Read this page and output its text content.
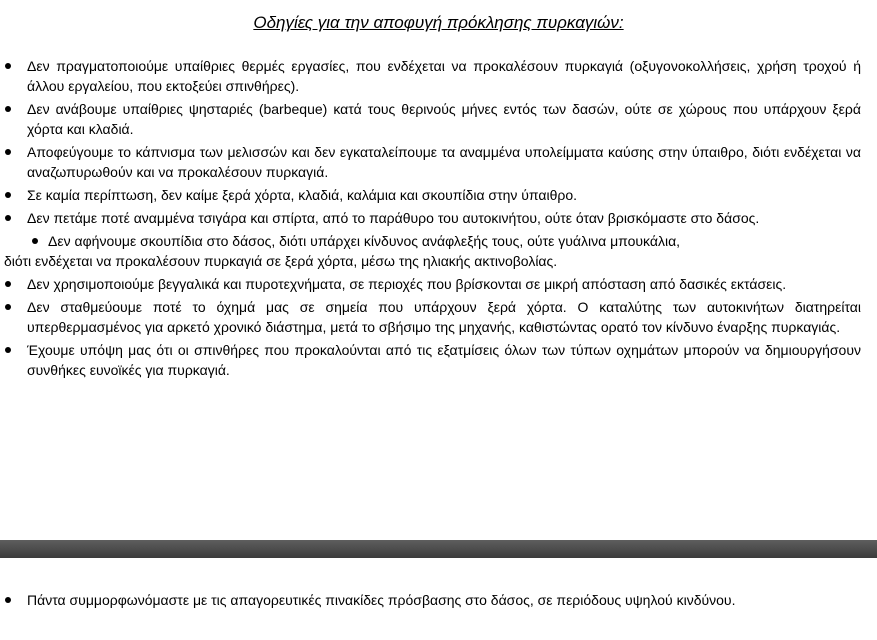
Οδηγίες για την αποφυγή πρόκλησης πυρκαγιών:
Δεν πραγματοποιούμε υπαίθριες θερμές εργασίες, που ενδέχεται να προκαλέσουν πυρκαγιά (οξυγονοκολλήσεις, χρήση τροχού ή άλλου εργαλείου, που εκτοξεύει σπινθήρες).
Δεν ανάβουμε υπαίθριες ψησταριές (barbeque) κατά τους θερινούς μήνες εντός των δασών, ούτε σε χώρους που υπάρχουν ξερά χόρτα και κλαδιά.
Αποφεύγουμε το κάπνισμα των μελισσών και δεν εγκαταλείπουμε τα αναμμένα υπολείμματα καύσης στην ύπαιθρο, διότι ενδέχεται να αναζωπυρωθούν και να προκαλέσουν πυρκαγιά.
Σε καμία περίπτωση, δεν καίμε ξερά χόρτα, κλαδιά, καλάμια και σκουπίδια στην ύπαιθρο.
Δεν πετάμε ποτέ αναμμένα τσιγάρα και σπίρτα, από το παράθυρο του αυτοκινήτου, ούτε όταν βρισκόμαστε στο δάσος.
Δεν αφήνουμε σκουπίδια στο δάσος, διότι υπάρχει κίνδυνος ανάφλεξής τους, ούτε γυάλινα μπουκάλια,
διότι ενδέχεται να προκαλέσουν πυρκαγιά σε ξερά χόρτα, μέσω της ηλιακής ακτινοβολίας.
Δεν χρησιμοποιούμε βεγγαλικά και πυροτεχνήματα, σε περιοχές που βρίσκονται σε μικρή απόσταση από δασικές εκτάσεις.
Δεν σταθμεύουμε ποτέ το όχημά μας σε σημεία που υπάρχουν ξερά χόρτα. Ο καταλύτης των αυτοκινήτων διατηρείται υπερθερμασμένος για αρκετό χρονικό διάστημα, μετά το σβήσιμο της μηχανής, καθιστώντας ορατό τον κίνδυνο έναρξης πυρκαγιάς.
Έχουμε υπόψη μας ότι οι σπινθήρες που προκαλούνται από τις εξατμίσεις όλων των τύπων οχημάτων μπορούν να δημιουργήσουν συνθήκες ευνοϊκές για πυρκαγιά.
Πάντα συμμορφωνόμαστε με τις απαγορευτικές πινακίδες πρόσβασης στο δάσος, σε περιόδους υψηλού κινδύνου.
